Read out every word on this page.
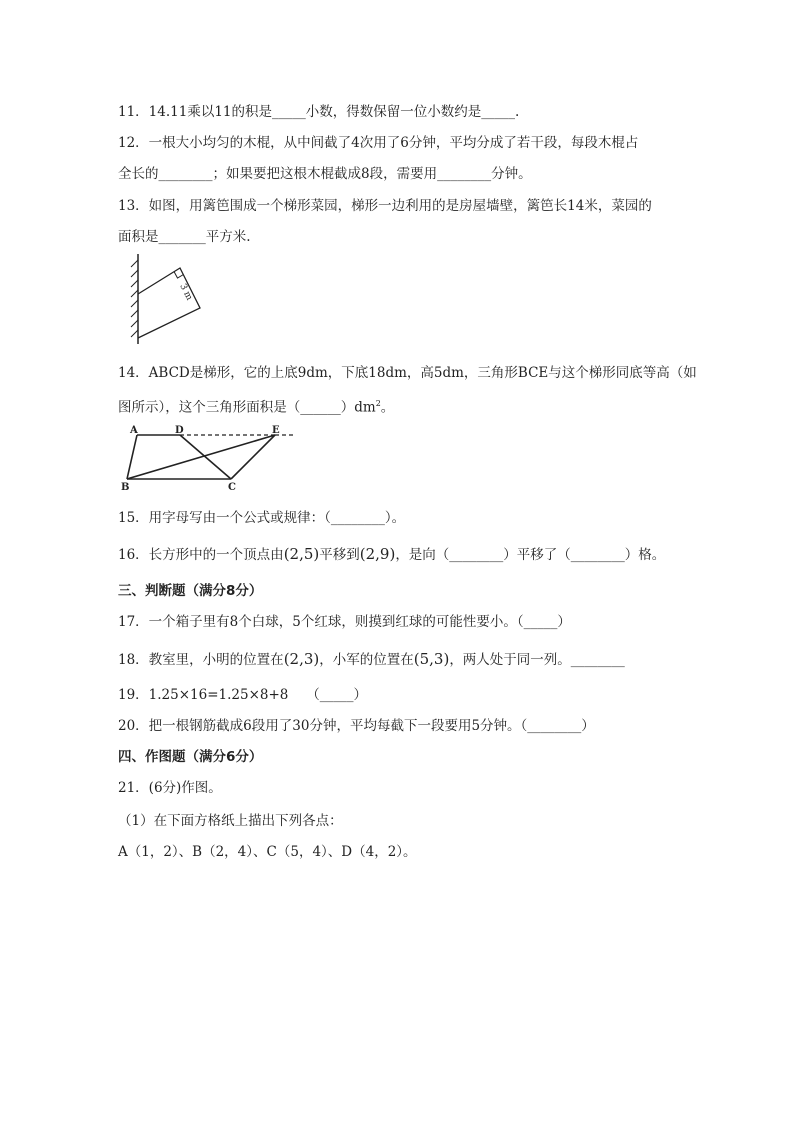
11．14.11乘以11的积是_____小数，得数保留一位小数约是_____.
12．一根大小均匀的木棍，从中间截了4次用了6分钟，平均分成了若干段，每段木棍占
全长的________；如果要把这根木棍截成8段，需要用________分钟。
13．如图，用篱笆围成一个梯形菜园，梯形一边利用的是房屋墙壁，篱笆长14米，菜园的
面积是_______平方米.
3 m
14．ABCD是梯形，它的上底9dm，下底18dm，高5dm，三角形BCE与这个梯形同底等高（如
图所示），这个三角形面积是$(\_\_\_\_\_\_)dm^2$。
A	D	E
B	C
15．用字母写由一个公式或规律：（________）。
16．长方形中的一个顶点由(2,5)平移到(2,9)，是向（________）平移了（________）格。
三、判断题（满分8分）
17．一个箱子里有8个白球，5个红球，则摸到红球的可能性要小。（_____）
18．教室里，小明的位置在(2,3)，小军的位置在(5,3)，两人处于同一列。________
19．1.25×16=1.25×8+8　 （_____）
20．把一根钢筋截成6段用了30分钟，平均每截下一段要用5分钟。（________）
四、作图题（满分6分）
21．(6分)作图。
（1）在下面方格纸上描出下列各点：
A（1，2）、B（2，4）、C（5，4）、D（4，2）。
